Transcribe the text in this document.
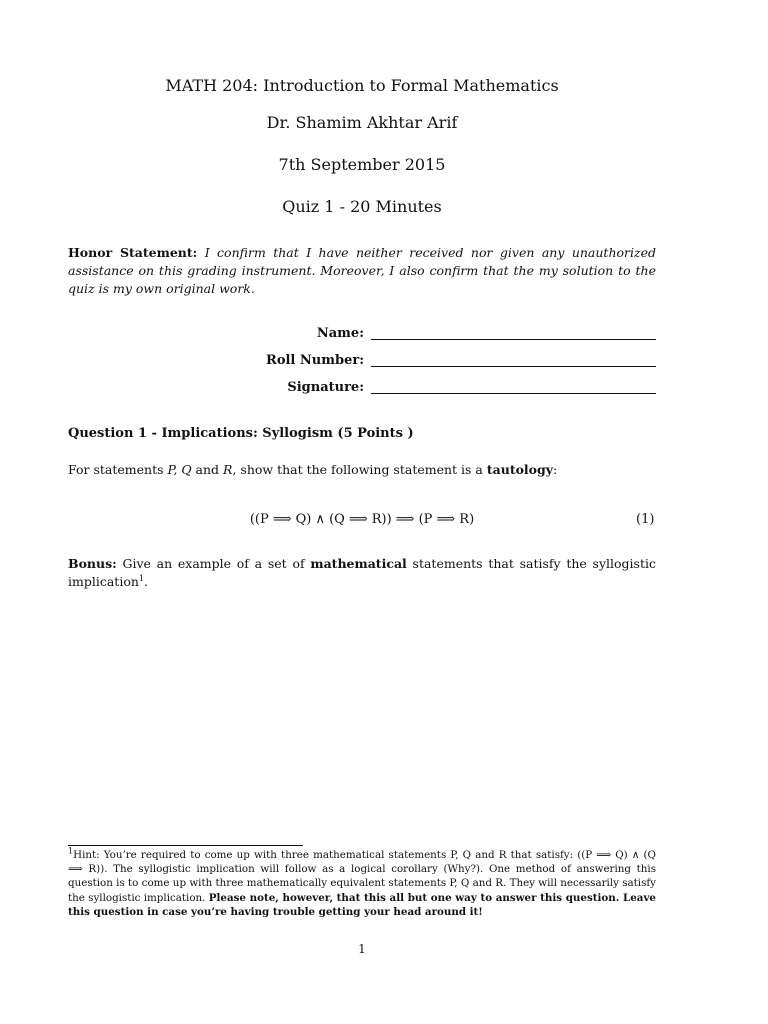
MATH 204: Introduction to Formal Mathematics
Dr. Shamim Akhtar Arif
7th September 2015
Quiz 1 - 20 Minutes
Honor Statement: I confirm that I have neither received nor given any unauthorized assistance on this grading instrument. Moreover, I also confirm that the my solution to the quiz is my own original work.
Name:
Roll Number:
Signature:
Question 1 - Implications: Syllogism (5 Points )
For statements P, Q and R, show that the following statement is a tautology:
((P ⟹ Q) ∧ (Q ⟹ R)) ⟹ (P ⟹ R)	(1)
Bonus: Give an example of a set of mathematical statements that satisfy the syllogistic implication$^1$.
$^1$Hint: You’re required to come up with three mathematical statements P, Q and R that satisfy: ((P ⟹ Q) ∧ (Q ⟹ R)). The syllogistic implication will follow as a logical corollary (Why?). One method of answering this question is to come up with three mathematically equivalent statements P, Q and R. They will necessarily satisfy the syllogistic implication. Please note, however, that this all but one way to answer this question. Leave this question in case you’re having trouble getting your head around it!
1
